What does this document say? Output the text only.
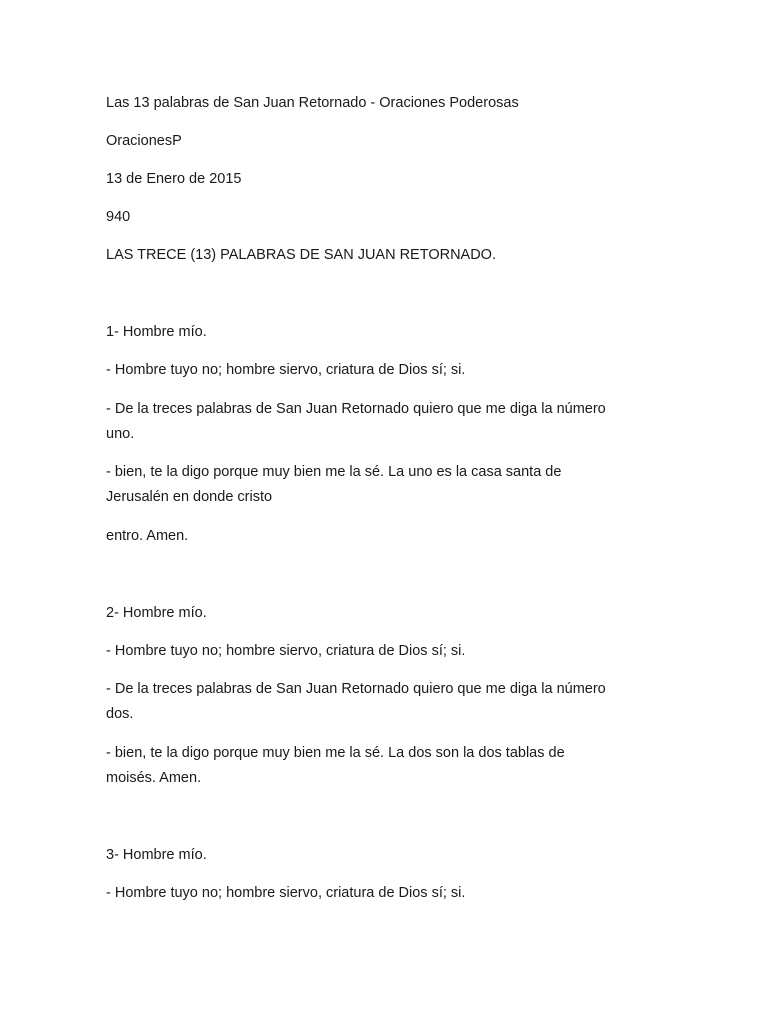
Las 13 palabras de San Juan Retornado - Oraciones Poderosas

OracionesP

13 de Enero de 2015

940

LAS TRECE (13) PALABRAS DE SAN JUAN RETORNADO.

1- Hombre mío.

- Hombre tuyo no; hombre siervo, criatura de Dios sí; si.

- De la treces palabras de San Juan Retornado quiero que me diga la número

uno.

- bien, te la digo porque muy bien me la sé. La uno es la casa santa de

Jerusalén en donde cristo

entro. Amen.

2- Hombre mío.

- Hombre tuyo no; hombre siervo, criatura de Dios sí; si.

- De la treces palabras de San Juan Retornado quiero que me diga la número

dos.

- bien, te la digo porque muy bien me la sé. La dos son la dos tablas de

moisés. Amen.

3- Hombre mío.

- Hombre tuyo no; hombre siervo, criatura de Dios sí; si.
